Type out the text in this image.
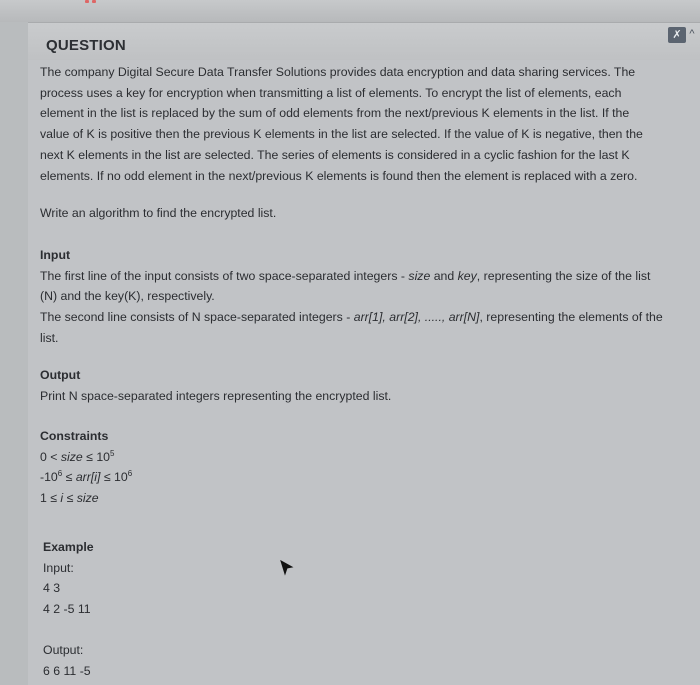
QUESTION
✗ ^

The company Digital Secure Data Transfer Solutions provides data encryption and data sharing services. The

process uses a key for encryption when transmitting a list of elements. To encrypt the list of elements, each

element in the list is replaced by the sum of odd elements from the next/previous K elements in the list. If the

value of K is positive then the previous K elements in the list are selected. If the value of K is negative, then the

next K elements in the list are selected. The series of elements is considered in a cyclic fashion for the last K

elements. If no odd element in the next/previous K elements is found then the element is replaced with a zero.

Write an algorithm to find the encrypted list.

Input

The first line of the input consists of two space-separated integers - size and key, representing the size of the list

(N) and the key(K), respectively.

The second line consists of N space-separated integers - arr[1], arr[2], ....., arr[N], representing the elements of the

list.

Output

Print N space-separated integers representing the encrypted list.

Constraints

0 < size ≤ $10^5$

$-10^6 \le arr[i] \le 10^6$

1 ≤ i ≤ size

Example

Input:

4 3

4 2 -5 11

Output:

6 6 11 -5
